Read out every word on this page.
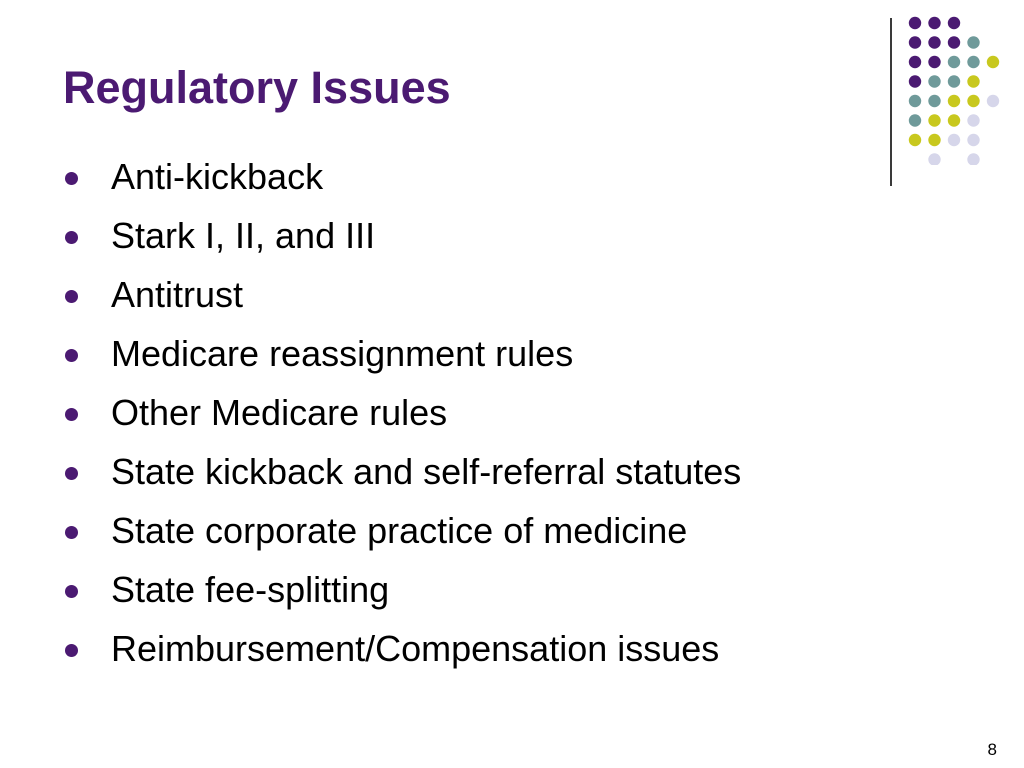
Regulatory Issues
Anti-kickback
Stark I, II, and III
Antitrust
Medicare reassignment rules
Other Medicare rules
State kickback and self-referral statutes
State corporate practice of medicine
State fee-splitting
Reimbursement/Compensation issues
8
